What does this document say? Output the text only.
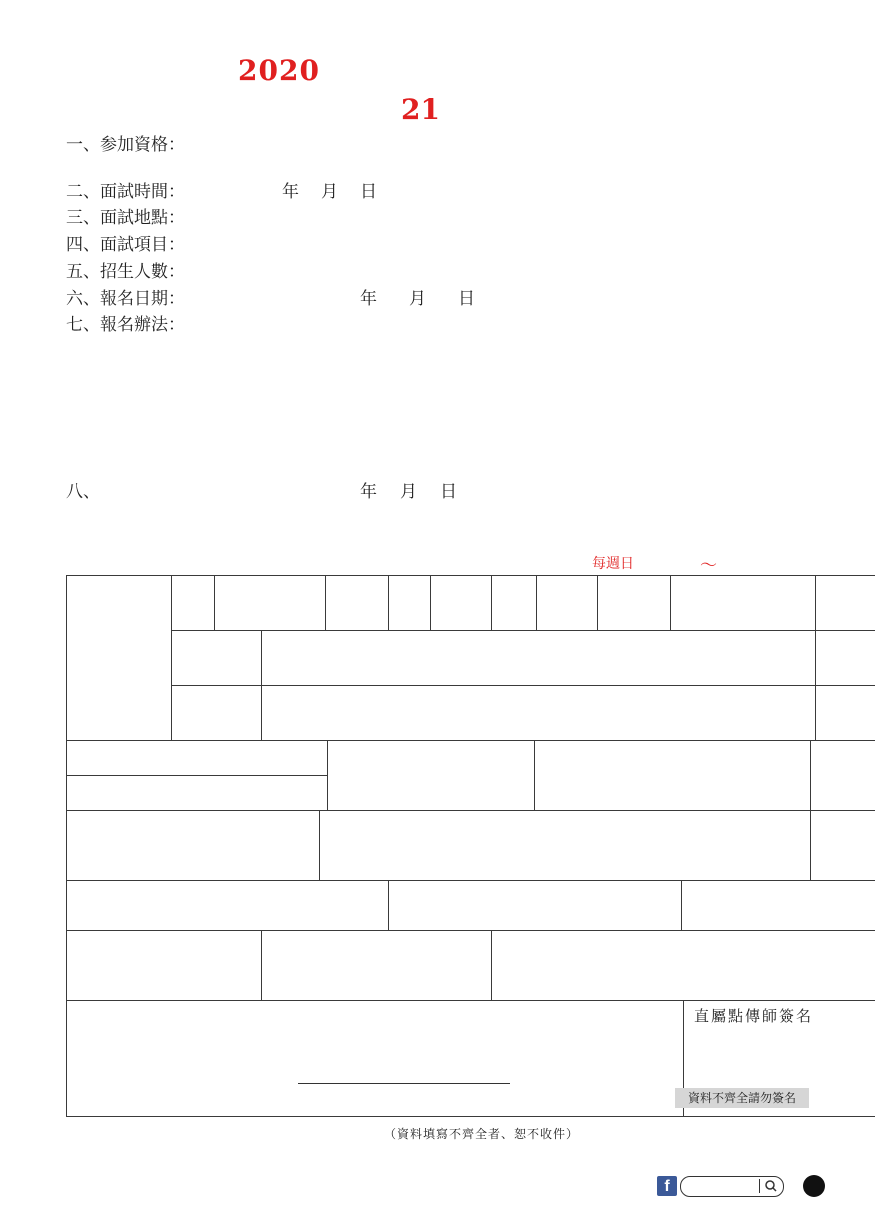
2020
21
一、参加資格：
二、面試時間：
三、面試地點：
四、面試項目：
五、招生人數：
六、報名日期：
七、報名辦法：
八、
年 月 日
年 月 日
年 月 日
每週日	～

															直屬點傳師簽名		
資料不齊全請勿簽名
（資料填寫不齊全者、恕不收件）
f
